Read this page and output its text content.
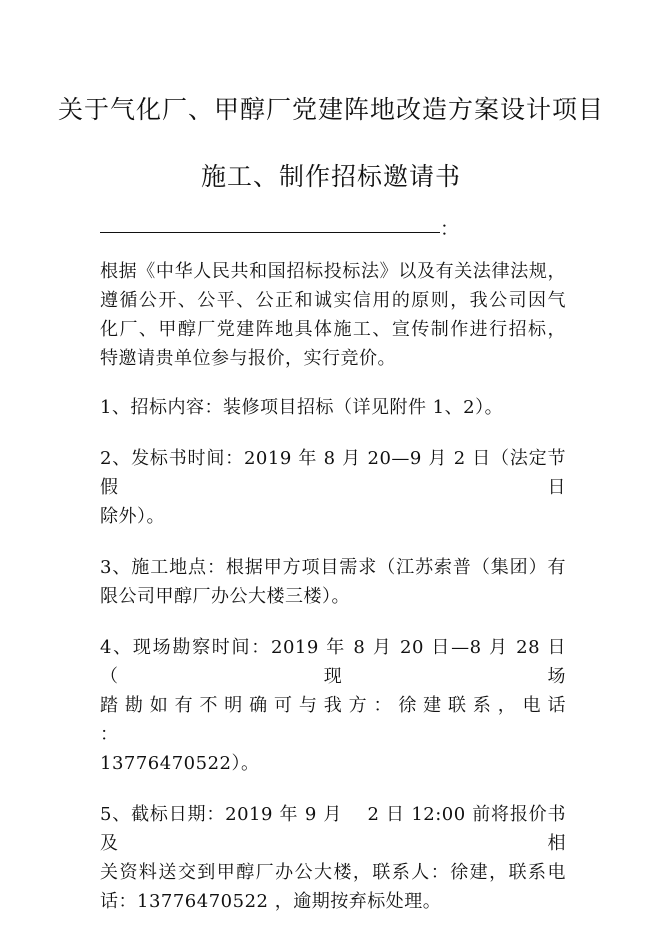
关于气化厂、甲醇厂党建阵地改造方案设计项目
施工、制作招标邀请书
：
根据《中华人民共和国招标投标法》以及有关法律法规，
遵循公开、公平、公正和诚实信用的原则，我公司因气
化厂、甲醇厂党建阵地具体施工、宣传制作进行招标，
特邀请贵单位参与报价，实行竞价。
1、招标内容：装修项目招标（详见附件 1、2）。
2、发标书时间：2019 年 8 月 20—9 月 2 日（法定节假日
除外）。
3、施工地点：根据甲方项目需求（江苏索普（集团）有
限公司甲醇厂办公大楼三楼）。
4、现场勘察时间：2019 年 8 月 20 日—8 月 28 日（现场
踏 勘 如 有 不 明 确 可 与 我 方 ： 徐 建 联 系 ， 电 话 ：
13776470522）。
5、截标日期：2019 年 9 月　 2 日 12:00 前将报价书及相
关资料送交到甲醇厂办公大楼，联系人：徐建，联系电
话：13776470522 ，逾期按弃标处理。
